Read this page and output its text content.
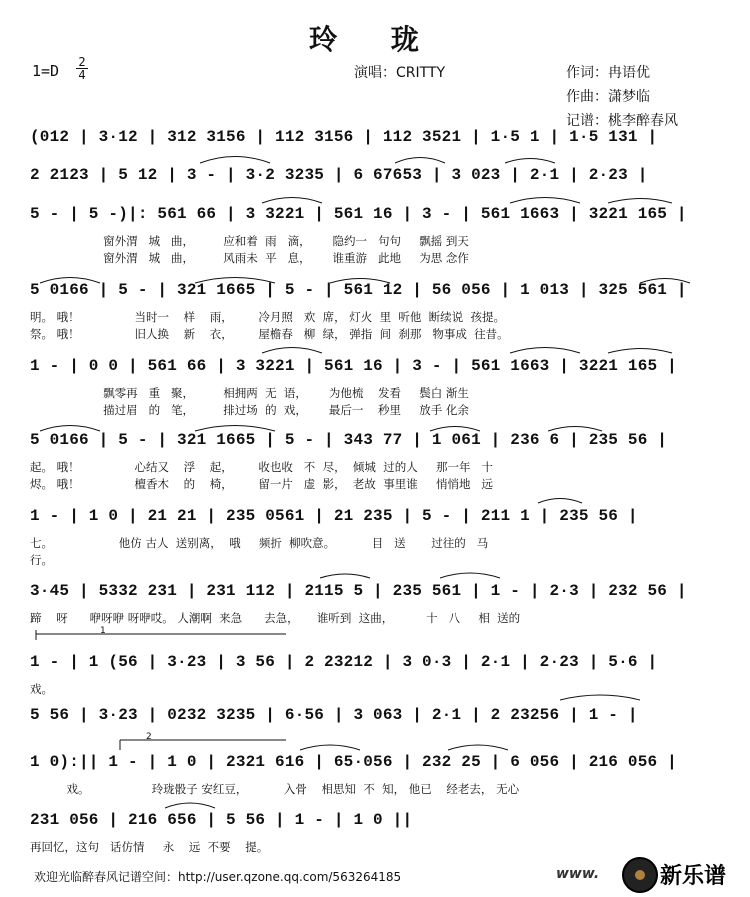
玲 珑
1=D 2
4	演唱：CRITTY	作词：冉语优
作曲：潇梦临
记谱：桃李醉春风
(012 | 3·12 | 312 3156 | 112 3156 | 112 3521 | 1·5 1 | 1·5 131 |
2 2123 | 5 12 | 3 - | 3·2 3235 | 6 67653 | 3 023 | 2·1 | 2·23 |
5 - | 5 -)|: 561 66 | 3 3221 | 561 16 | 3 - | 561 1663 | 3221 165 |
窗外渭   城   曲，        应和着  雨   滴，      隐约一   句句     飘摇 到天
窗外渭   城   曲，        风雨未  平   息，      谁重游   此地     为思 念作
5 0166 | 5 - | 321 1665 | 5 - | 561 12 | 56 056 | 1 013 | 325 561 |
明。 哦！               当时一    样    雨，       冷月照   欢  席， 灯火  里  听他  断续说  孩提。
祭。 哦！               旧人换    新    衣，       屋檐春   柳  绿， 弹指  间  刹那   物事成  往昔。
1 - | 0 0 | 561 66 | 3 3221 | 561 16 | 3 - | 561 1663 | 3221 165 |
飘零再   重   聚，        相拥两  无  语，      为他梳    发看     鬓白 渐生
描过眉   的   笔，        排过场  的  戏，      最后一    秒里     放手 化余
5 0166 | 5 - | 321 1665 | 5 - | 343 77 | 1 061 | 236 6 | 235 56 |
起。 哦！               心结又    浮    起，       收也收   不  尽，  倾城  过的人     那一年   十
烬。 哦！               檀香木    的    椅，       留一片   虚  影，  老故  事里谁     悄悄地   远
1 - | 1 0 | 21 21 | 235 0561 | 21 235 | 5 - | 211 1 | 235 56 |
七。                  他仿 古人  送别离，  哦     频折  柳吹意。          目   送       过往的   马
行。
3·45 | 5332 231 | 231 112 | 2115 5 | 235 561 | 1 - | 2·3 | 232 56 |
蹄    呀      咿呀咿 呀咿哎。 人潮啊  来急      去急，     谁听到  这曲，         十   八     相  送的
1 - | 1 (56 | 3·23 | 3 56 | 2 23212 | 3 0·3 | 2·1 | 2·23 | 5·6 |
戏。
5 56 | 3·23 | 0232 3235 | 6·56 | 3 063 | 2·1 | 2 23256 | 1 - |
1 0):|| 1 - | 1 0 | 2321 616 | 65·056 | 232 25 | 6 056 | 216 056 |
戏。                 玲珑骰子 安红豆，          入骨    相思知  不  知， 他已    经老去， 无心
231 056 | 216 656 | 5 56 | 1 - | 1 0 ||
再回忆，这句   话仿情     永    远  不要    提。
欢迎光临醉春风记谱空间：http://user.qzone.qq.com/563264185	www.	新乐谱
1
2
